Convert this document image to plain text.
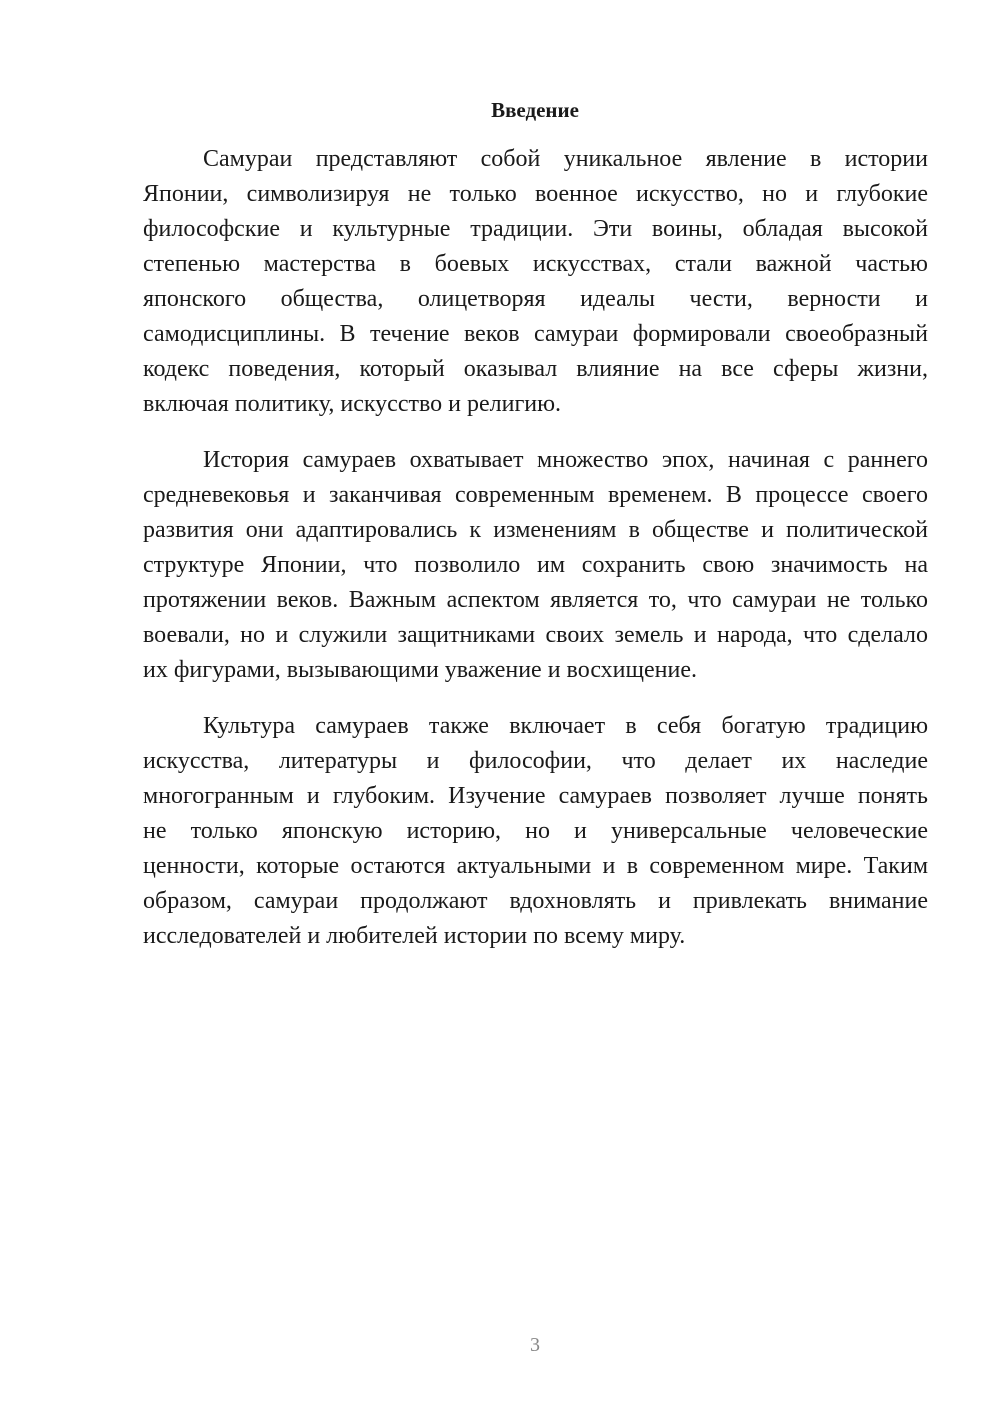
Введение
Самураи представляют собой уникальное явление в истории
Японии, символизируя не только военное искусство, но и глубокие
философские и культурные традиции. Эти воины, обладая высокой
степенью мастерства в боевых искусствах, стали важной частью
японского общества, олицетворяя идеалы чести, верности и
самодисциплины. В течение веков самураи формировали своеобразный
кодекс поведения, который оказывал влияние на все сферы жизни,
включая политику, искусство и религию.
История самураев охватывает множество эпох, начиная с раннего
средневековья и заканчивая современным временем. В процессе своего
развития они адаптировались к изменениям в обществе и политической
структуре Японии, что позволило им сохранить свою значимость на
протяжении веков. Важным аспектом является то, что самураи не только
воевали, но и служили защитниками своих земель и народа, что сделало
их фигурами, вызывающими уважение и восхищение.
Культура самураев также включает в себя богатую традицию
искусства, литературы и философии, что делает их наследие
многогранным и глубоким. Изучение самураев позволяет лучше понять
не только японскую историю, но и универсальные человеческие
ценности, которые остаются актуальными и в современном мире. Таким
образом, самураи продолжают вдохновлять и привлекать внимание
исследователей и любителей истории по всему миру.
3
